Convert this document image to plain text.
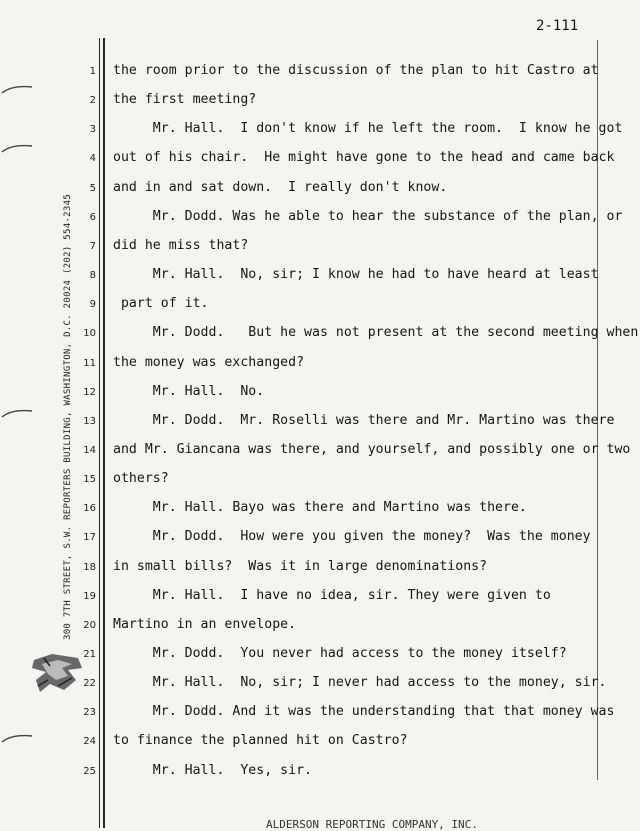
2-111
300 7TH STREET, S.W. REPORTERS BUILDING, WASHINGTON, D.C. 20024 (202) 554-2345
1
2
3
4
5
6
7
8
9
10
11
12
13
14
15
16
17
18
19
20
21
22
23
24
25
the room prior to the discussion of the plan to hit Castro at
the first meeting?
Mr. Hall.  I don't know if he left the room.  I know he got
out of his chair.  He might have gone to the head and came back
and in and sat down.  I really don't know.
Mr. Dodd. Was he able to hear the substance of the plan, or
did he miss that?
Mr. Hall.  No, sir; I know he had to have heard at least
part of it.
Mr. Dodd.   But he was not present at the second meeting when
the money was exchanged?
Mr. Hall.  No.
Mr. Dodd.  Mr. Roselli was there and Mr. Martino was there
and Mr. Giancana was there, and yourself, and possibly one or two
others?
Mr. Hall. Bayo was there and Martino was there.
Mr. Dodd.  How were you given the money?  Was the money
in small bills?  Was it in large denominations?
Mr. Hall.  I have no idea, sir. They were given to
Martino in an envelope.
Mr. Dodd.  You never had access to the money itself?
Mr. Hall.  No, sir; I never had access to the money, sir.
Mr. Dodd. And it was the understanding that that money was
to finance the planned hit on Castro?
Mr. Hall.  Yes, sir.
ALDERSON REPORTING COMPANY, INC.
